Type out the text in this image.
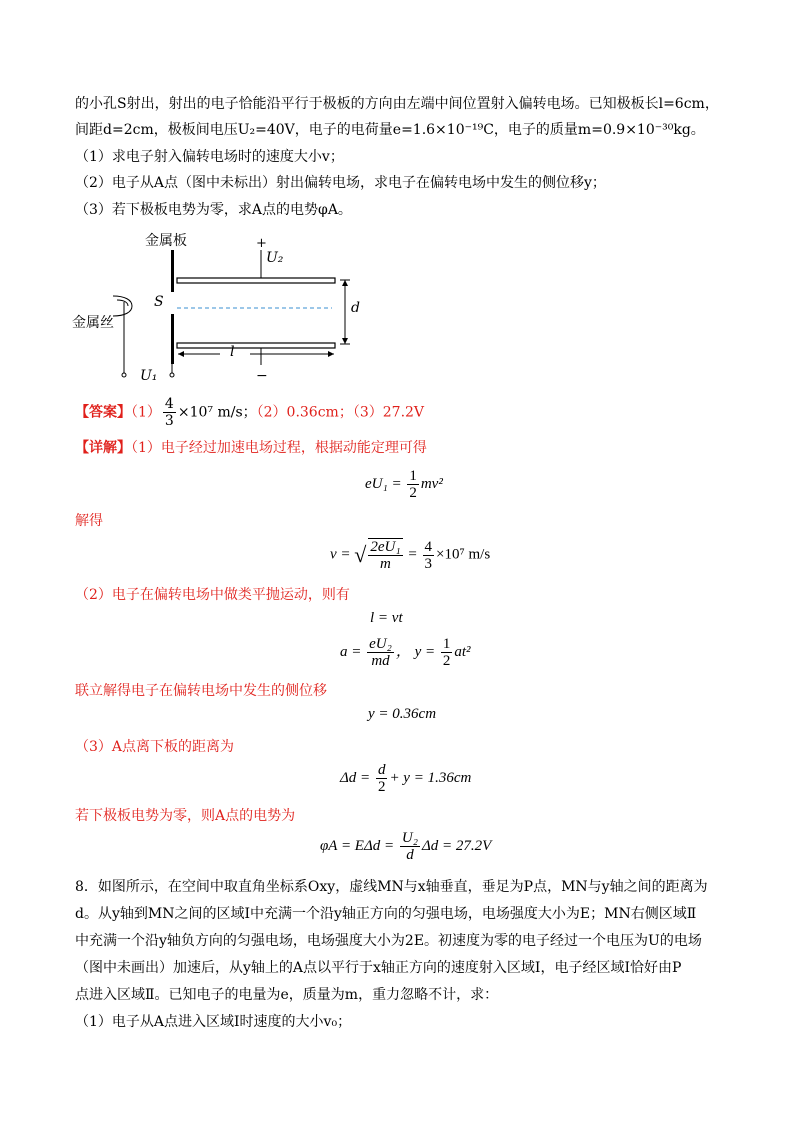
的小孔S射出，射出的电子恰能沿平行于极板的方向由左端中间位置射入偏转电场。已知极板长l=6cm，
间距d=2cm，极板间电压U₂=40V，电子的电荷量e=1.6×10⁻¹⁹C，电子的质量m=0.9×10⁻³⁰kg。
（1）求电子射入偏转电场时的速度大小v；
（2）电子从A点（图中未标出）射出偏转电场，求电子在偏转电场中发生的侧位移y；
（3）若下极板电势为零，求A点的电势φA。
金属板
金属丝
S
+
U₂
d
l
−
U₁
【答案】$(1) \frac{4}{3} \times 10^7$ m/s；（2）0.36cm；（3）27.2V
【详解】（1）电子经过加速电场过程，根据动能定理可得
$eU_1 = \frac{1}{2} mv^2$
解得
v = √ $\frac{\text{2eU₁}}{m} = \frac{4}{3} \times 10^7$ m/s
（2）电子在偏转电场中做类平抛运动，则有
l = vt
$a = \frac{\text{eU₂}}{md}$ ， $y = \frac{1}{2} at^2$
联立解得电子在偏转电场中发生的侧位移
y = 0.36cm
（3）A点离下板的距离为
$\Delta d = \frac{d}{2} + y = 1.36cm$
若下极板电势为零，则A点的电势为
$\varphi A = E\Delta d = \frac{\text{U₂}}{d}$ Δd = 27.2V
8．如图所示，在空间中取直角坐标系Oxy，虚线MN与x轴垂直，垂足为P点，MN与y轴之间的距离为
d。从y轴到MN之间的区域Ⅰ中充满一个沿y轴正方向的匀强电场，电场强度大小为E；MN右侧区域Ⅱ
中充满一个沿y轴负方向的匀强电场，电场强度大小为2E。初速度为零的电子经过一个电压为U的电场
（图中未画出）加速后，从y轴上的A点以平行于x轴正方向的速度射入区域Ⅰ，电子经区域Ⅰ恰好由P
点进入区域Ⅱ。已知电子的电量为e，质量为m，重力忽略不计，求：
（1）电子从A点进入区域Ⅰ时速度的大小v₀；
